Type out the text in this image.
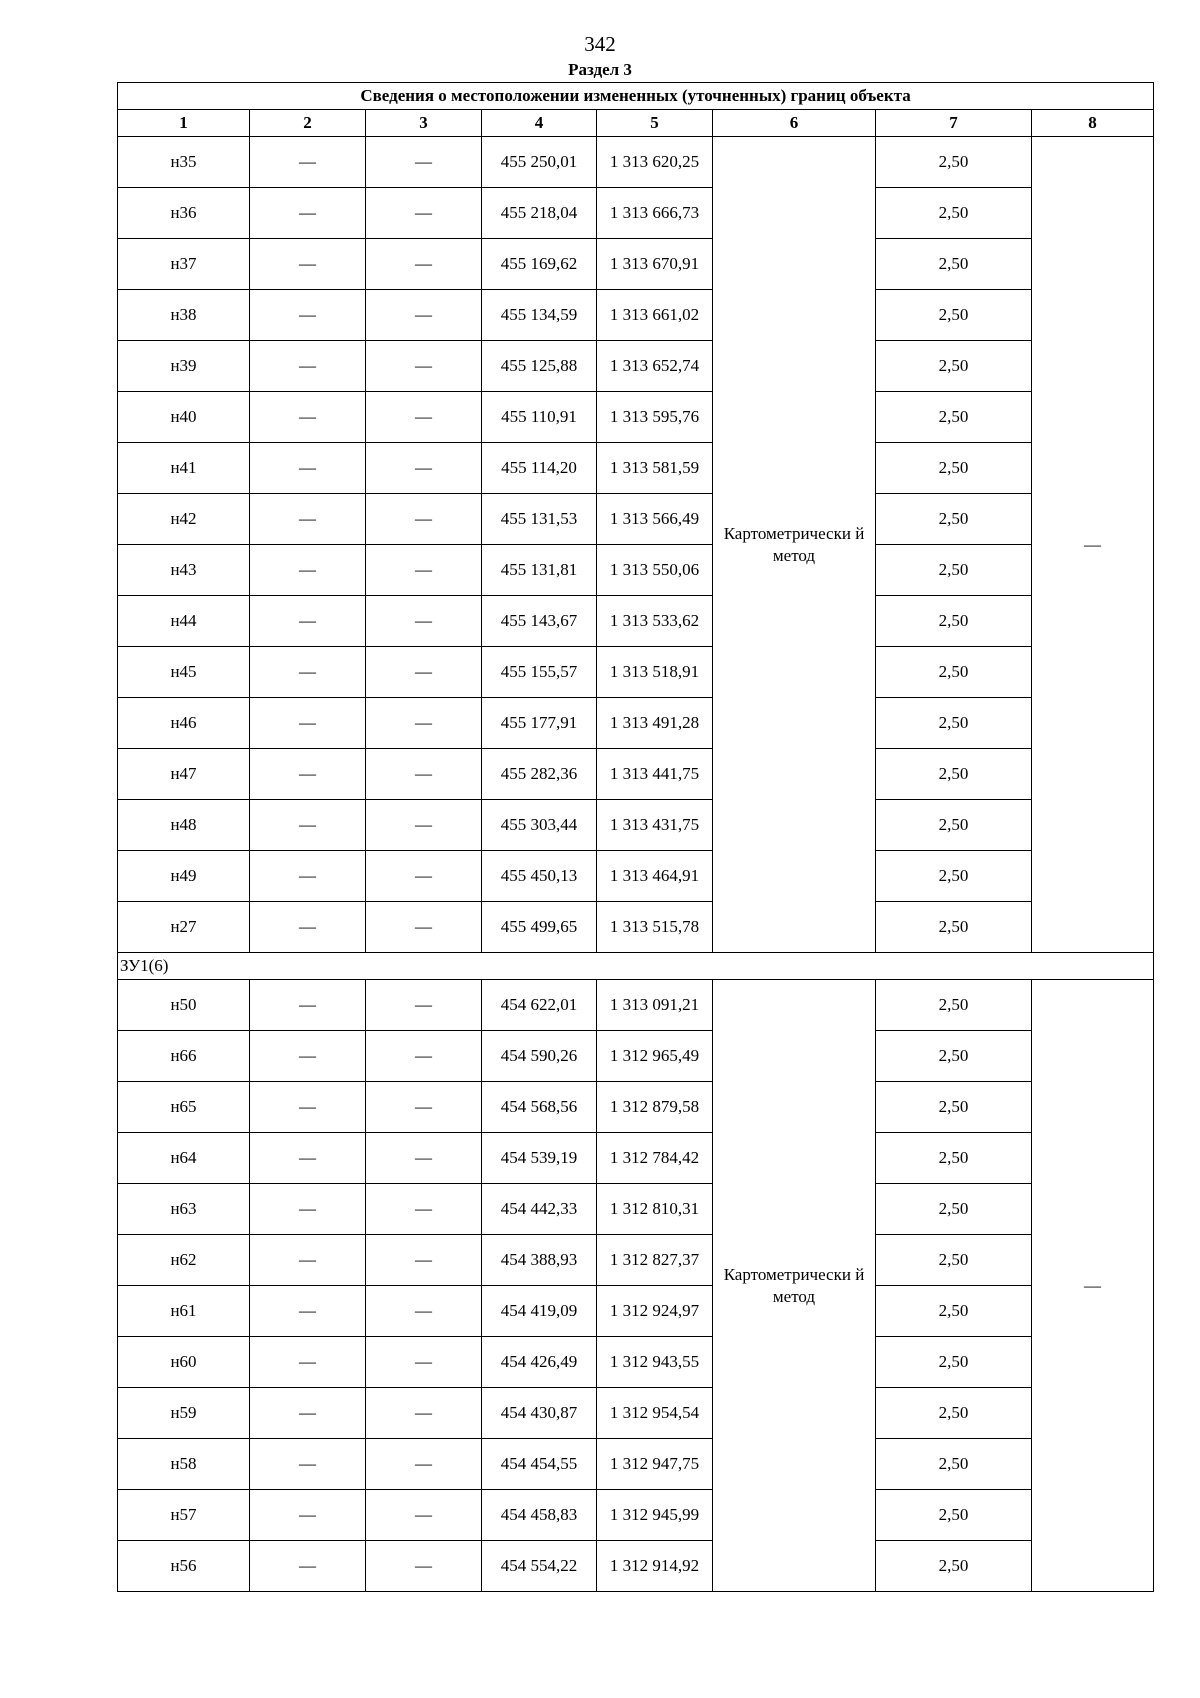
342
Раздел 3
Сведения о местоположении измененных (уточненных) границ объекта							
1	2	3	4	5	6	7	8
н35	—	—	455 250,01	1 313 620,25	Картометрически й метод	2,50	—
н36	—	—	455 218,04	1 313 666,73		2,50	
н37	—	—	455 169,62	1 313 670,91		2,50	
н38	—	—	455 134,59	1 313 661,02		2,50	
н39	—	—	455 125,88	1 313 652,74		2,50	
н40	—	—	455 110,91	1 313 595,76		2,50	
н41	—	—	455 114,20	1 313 581,59		2,50	
н42	—	—	455 131,53	1 313 566,49		2,50	
н43	—	—	455 131,81	1 313 550,06		2,50	
н44	—	—	455 143,67	1 313 533,62		2,50	
н45	—	—	455 155,57	1 313 518,91		2,50	
н46	—	—	455 177,91	1 313 491,28		2,50	
н47	—	—	455 282,36	1 313 441,75		2,50	
н48	—	—	455 303,44	1 313 431,75		2,50	
н49	—	—	455 450,13	1 313 464,91		2,50	
н27	—	—	455 499,65	1 313 515,78		2,50	
ЗУ1(6)							
н50	—	—	454 622,01	1 313 091,21	Картометрически й метод	2,50	—
н66	—	—	454 590,26	1 312 965,49		2,50	
н65	—	—	454 568,56	1 312 879,58		2,50	
н64	—	—	454 539,19	1 312 784,42		2,50	
н63	—	—	454 442,33	1 312 810,31		2,50	
н62	—	—	454 388,93	1 312 827,37		2,50	
н61	—	—	454 419,09	1 312 924,97		2,50	
н60	—	—	454 426,49	1 312 943,55		2,50	
н59	—	—	454 430,87	1 312 954,54		2,50	
н58	—	—	454 454,55	1 312 947,75		2,50	
н57	—	—	454 458,83	1 312 945,99		2,50	
н56	—	—	454 554,22	1 312 914,92		2,50	
